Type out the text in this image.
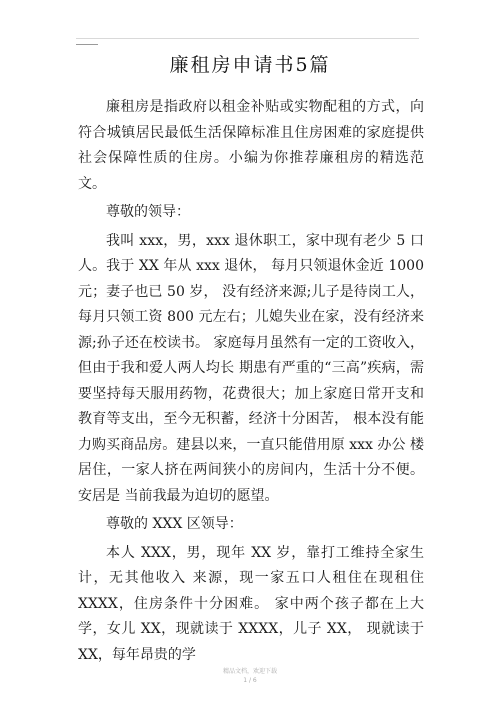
廉租房申请书5篇

廉租房是指政府以租金补贴或实物配租的方式，向符合城镇居民最低生活保障标准且住房困难的家庭提供社会保障性质的住房。小编为你推荐廉租房的精选范文。

尊敬的领导：

我叫 xxx，男，xxx 退休职工，家中现有老少 5 口人。我于 XX 年从 xxx 退休， 每月只领退休金近 1000 元；妻子也已 50 岁， 没有经济来源;儿子是待岗工人，每月只领工资 800 元左右；儿媳失业在家，没有经济来源;孙子还在校读书。 家庭每月虽然有一定的工资收入，但由于我和爱人两人均长 期患有严重的“三高”疾病，需要坚持每天服用药物，花费很大；加上家庭日常开支和教育等支出，至今无积蓄，经济十分困苦， 根本没有能力购买商品房。建县以来，一直只能借用原 xxx 办公 楼居住，一家人挤在两间狭小的房间内，生活十分不便。安居是 当前我最为迫切的愿望。

尊敬的 XXX 区领导：

本人 XXX，男，现年 XX 岁，靠打工维持全家生计，无其他收入 来源，现一家五口人租住在现租住 XXXX，住房条件十分困难。 家中两个孩子都在上大学，女儿 XX，现就读于 XXXX，儿子 XX， 现就读于 XX，每年昂贵的学

精品文档，欢迎下载
1 / 6
